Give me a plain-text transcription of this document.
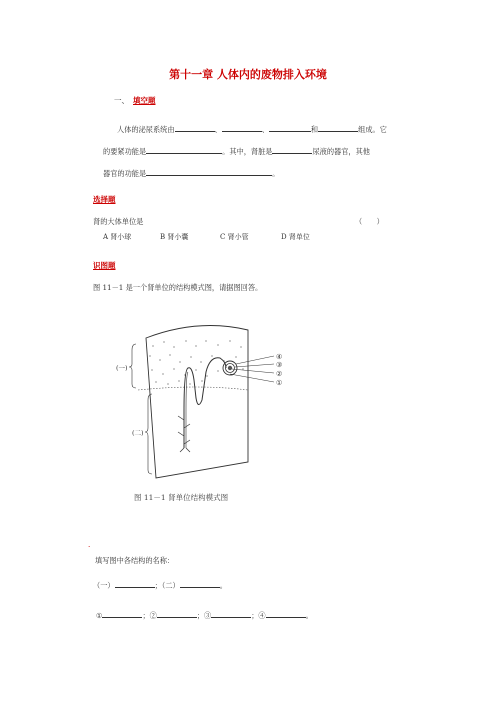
第十一章 人体内的废物排入环境
一、 填空题
人体的泌尿系统由	、	、	和	组成。它
的要紧功能是	。其中，肾脏是	尿液的器官，其他
器官的功能是	。
选择题
肾的大体单位是	（　　）
A 肾小球	B 肾小囊	C 肾小管	D 肾单位
识图题
图 11－1 是一个肾单位的结构模式图，请据图回答。
④
③
②
①
(一)
(二)
图 11－1 肾单位结构模式图
.
填写图中各结构的名称：
（一）	；（二）	。
①	；②	；③	；④	。
